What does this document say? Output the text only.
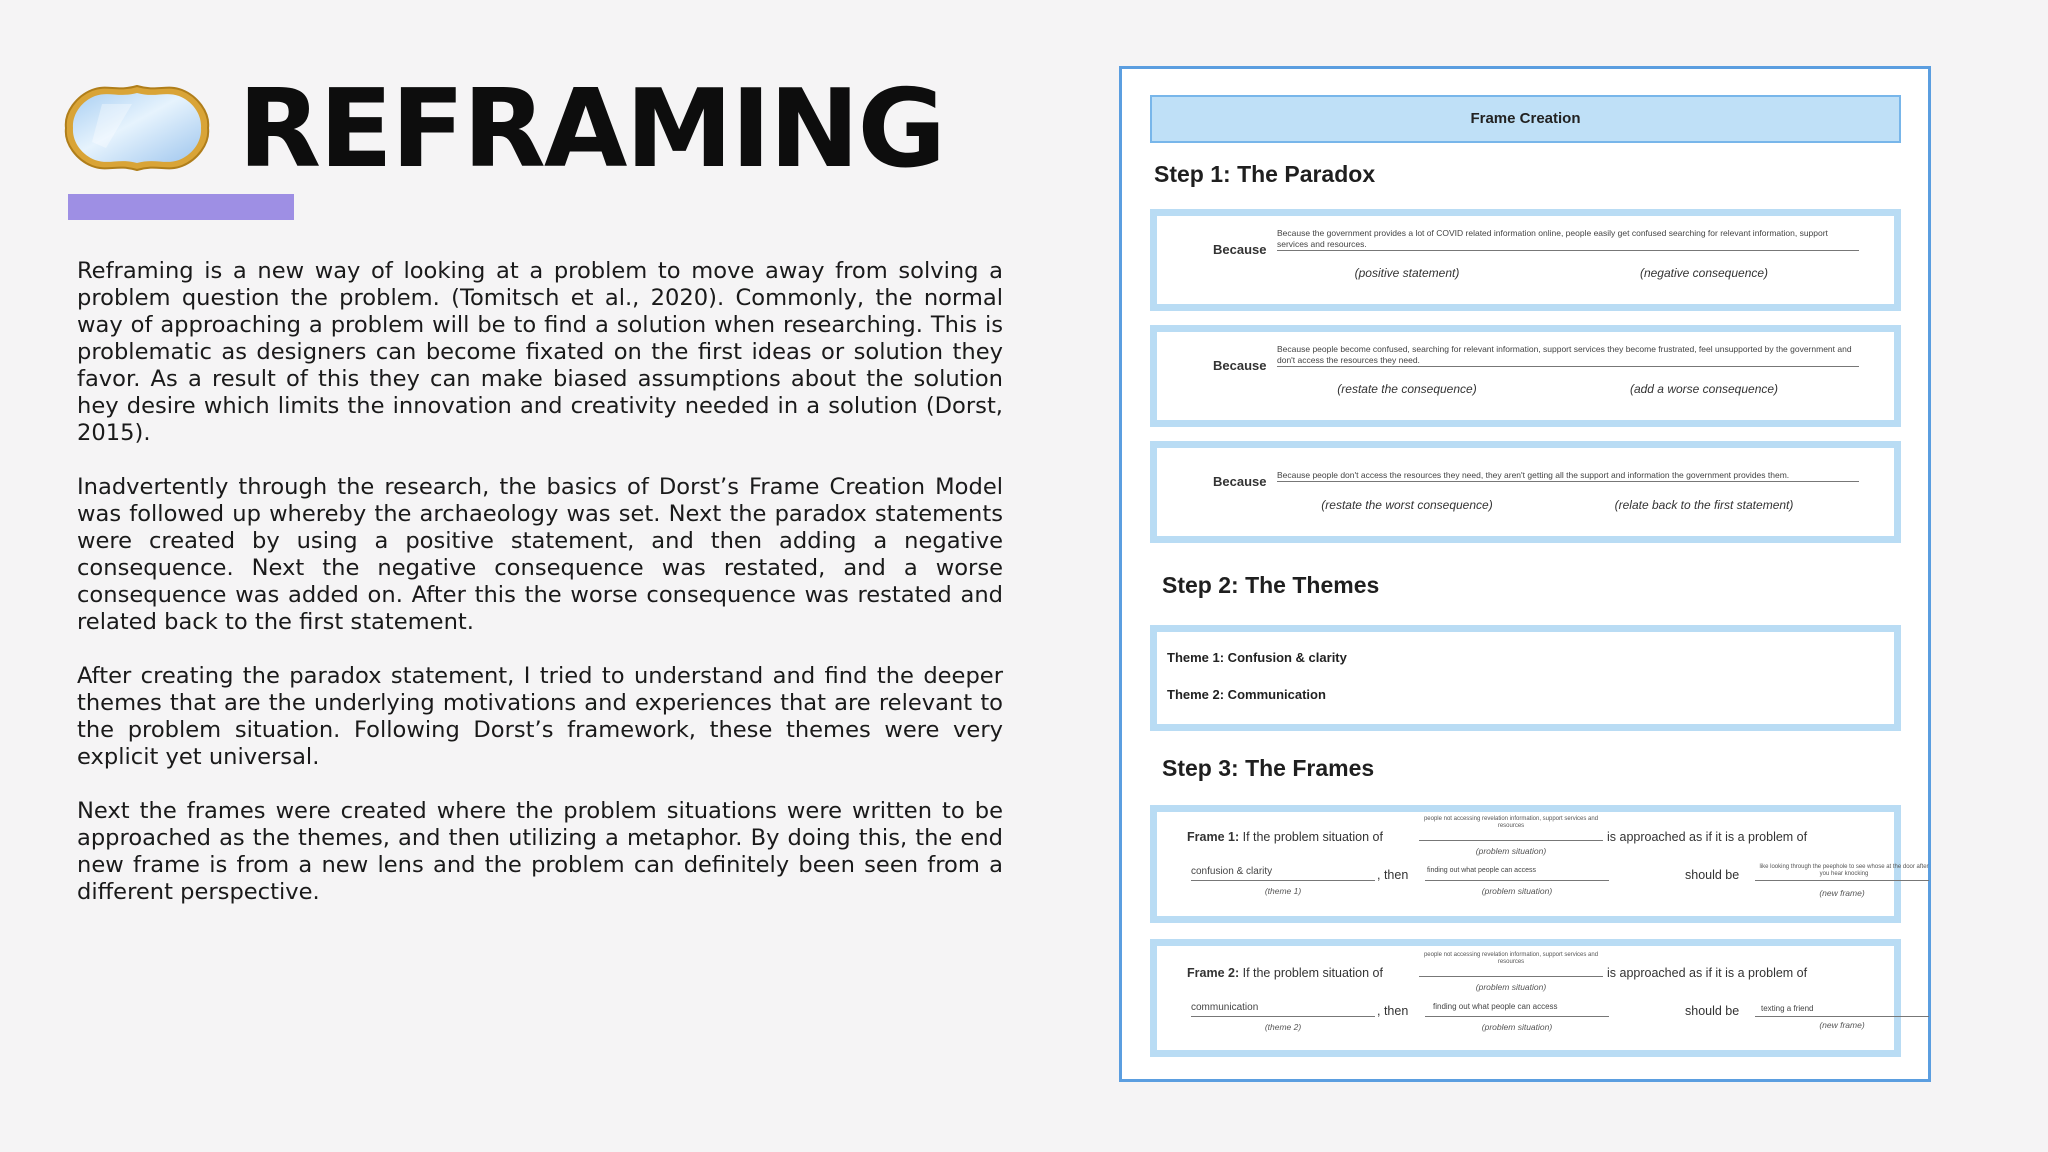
REFRAMING

Reframing is a new way of looking at a problem to move away from solving a problem question the problem. (Tomitsch et al., 2020). Commonly, the normal way of approaching a problem will be to find a solution when researching. This is problematic as designers can become fixated on the first ideas or solution they favor. As a result of this they can make biased assumptions about the solution hey desire which limits the innovation and creativity needed in a solution (Dorst, 2015).

Inadvertently through the research, the basics of Dorst’s Frame Creation Model was followed up whereby the archaeology was set. Next the paradox statements were created by using a positive statement, and then adding a negative consequence. Next the negative consequence was restated, and a worse consequence was added on. After this the worse consequence was restated and related back to the first statement.

After creating the paradox statement, I tried to understand and find the deeper themes that are the underlying motivations and experiences that are relevant to the problem situation. Following Dorst’s framework, these themes were very explicit yet universal.

Next the frames were created where the problem situations were written to be approached as the themes, and then utilizing a metaphor. By doing this, the end new frame is from a new lens and the problem can definitely been seen from a different perspective.

Frame Creation
Step 1: The Paradox
Because
Because the government provides a lot of COVID related information online, people easily get confused searching for relevant information, support services and resources.
(positive statement)	(negative consequence)
Because
Because people become confused, searching for relevant information, support services they become frustrated, feel unsupported by the government and don't access the resources they need.
(restate the consequence)	(add a worse consequence)
Because Because people don't access the resources they need, they aren't getting all the support and information the government provides them.
(restate the worst consequence)	(relate back to the first statement)
Step 2: The Themes
Theme 1: Confusion & clarity
Theme 2: Communication
Step 3: The Frames
Frame 1: If the problem situation of
people not accessing revelation information, support services and resources
is approached as if it is a problem of
(problem situation)
confusion & clarity
(theme 1)
, then	finding out what people can access
(problem situation)
should be
like looking through the peephole to see whose at the door after you hear knocking
(new frame)
Frame 2: If the problem situation of
people not accessing revelation information, support services and resources
is approached as if it is a problem of
(problem situation)
communication
(theme 2)
, then	finding out what people can access
(problem situation)
should be	texting a friend
(new frame)
